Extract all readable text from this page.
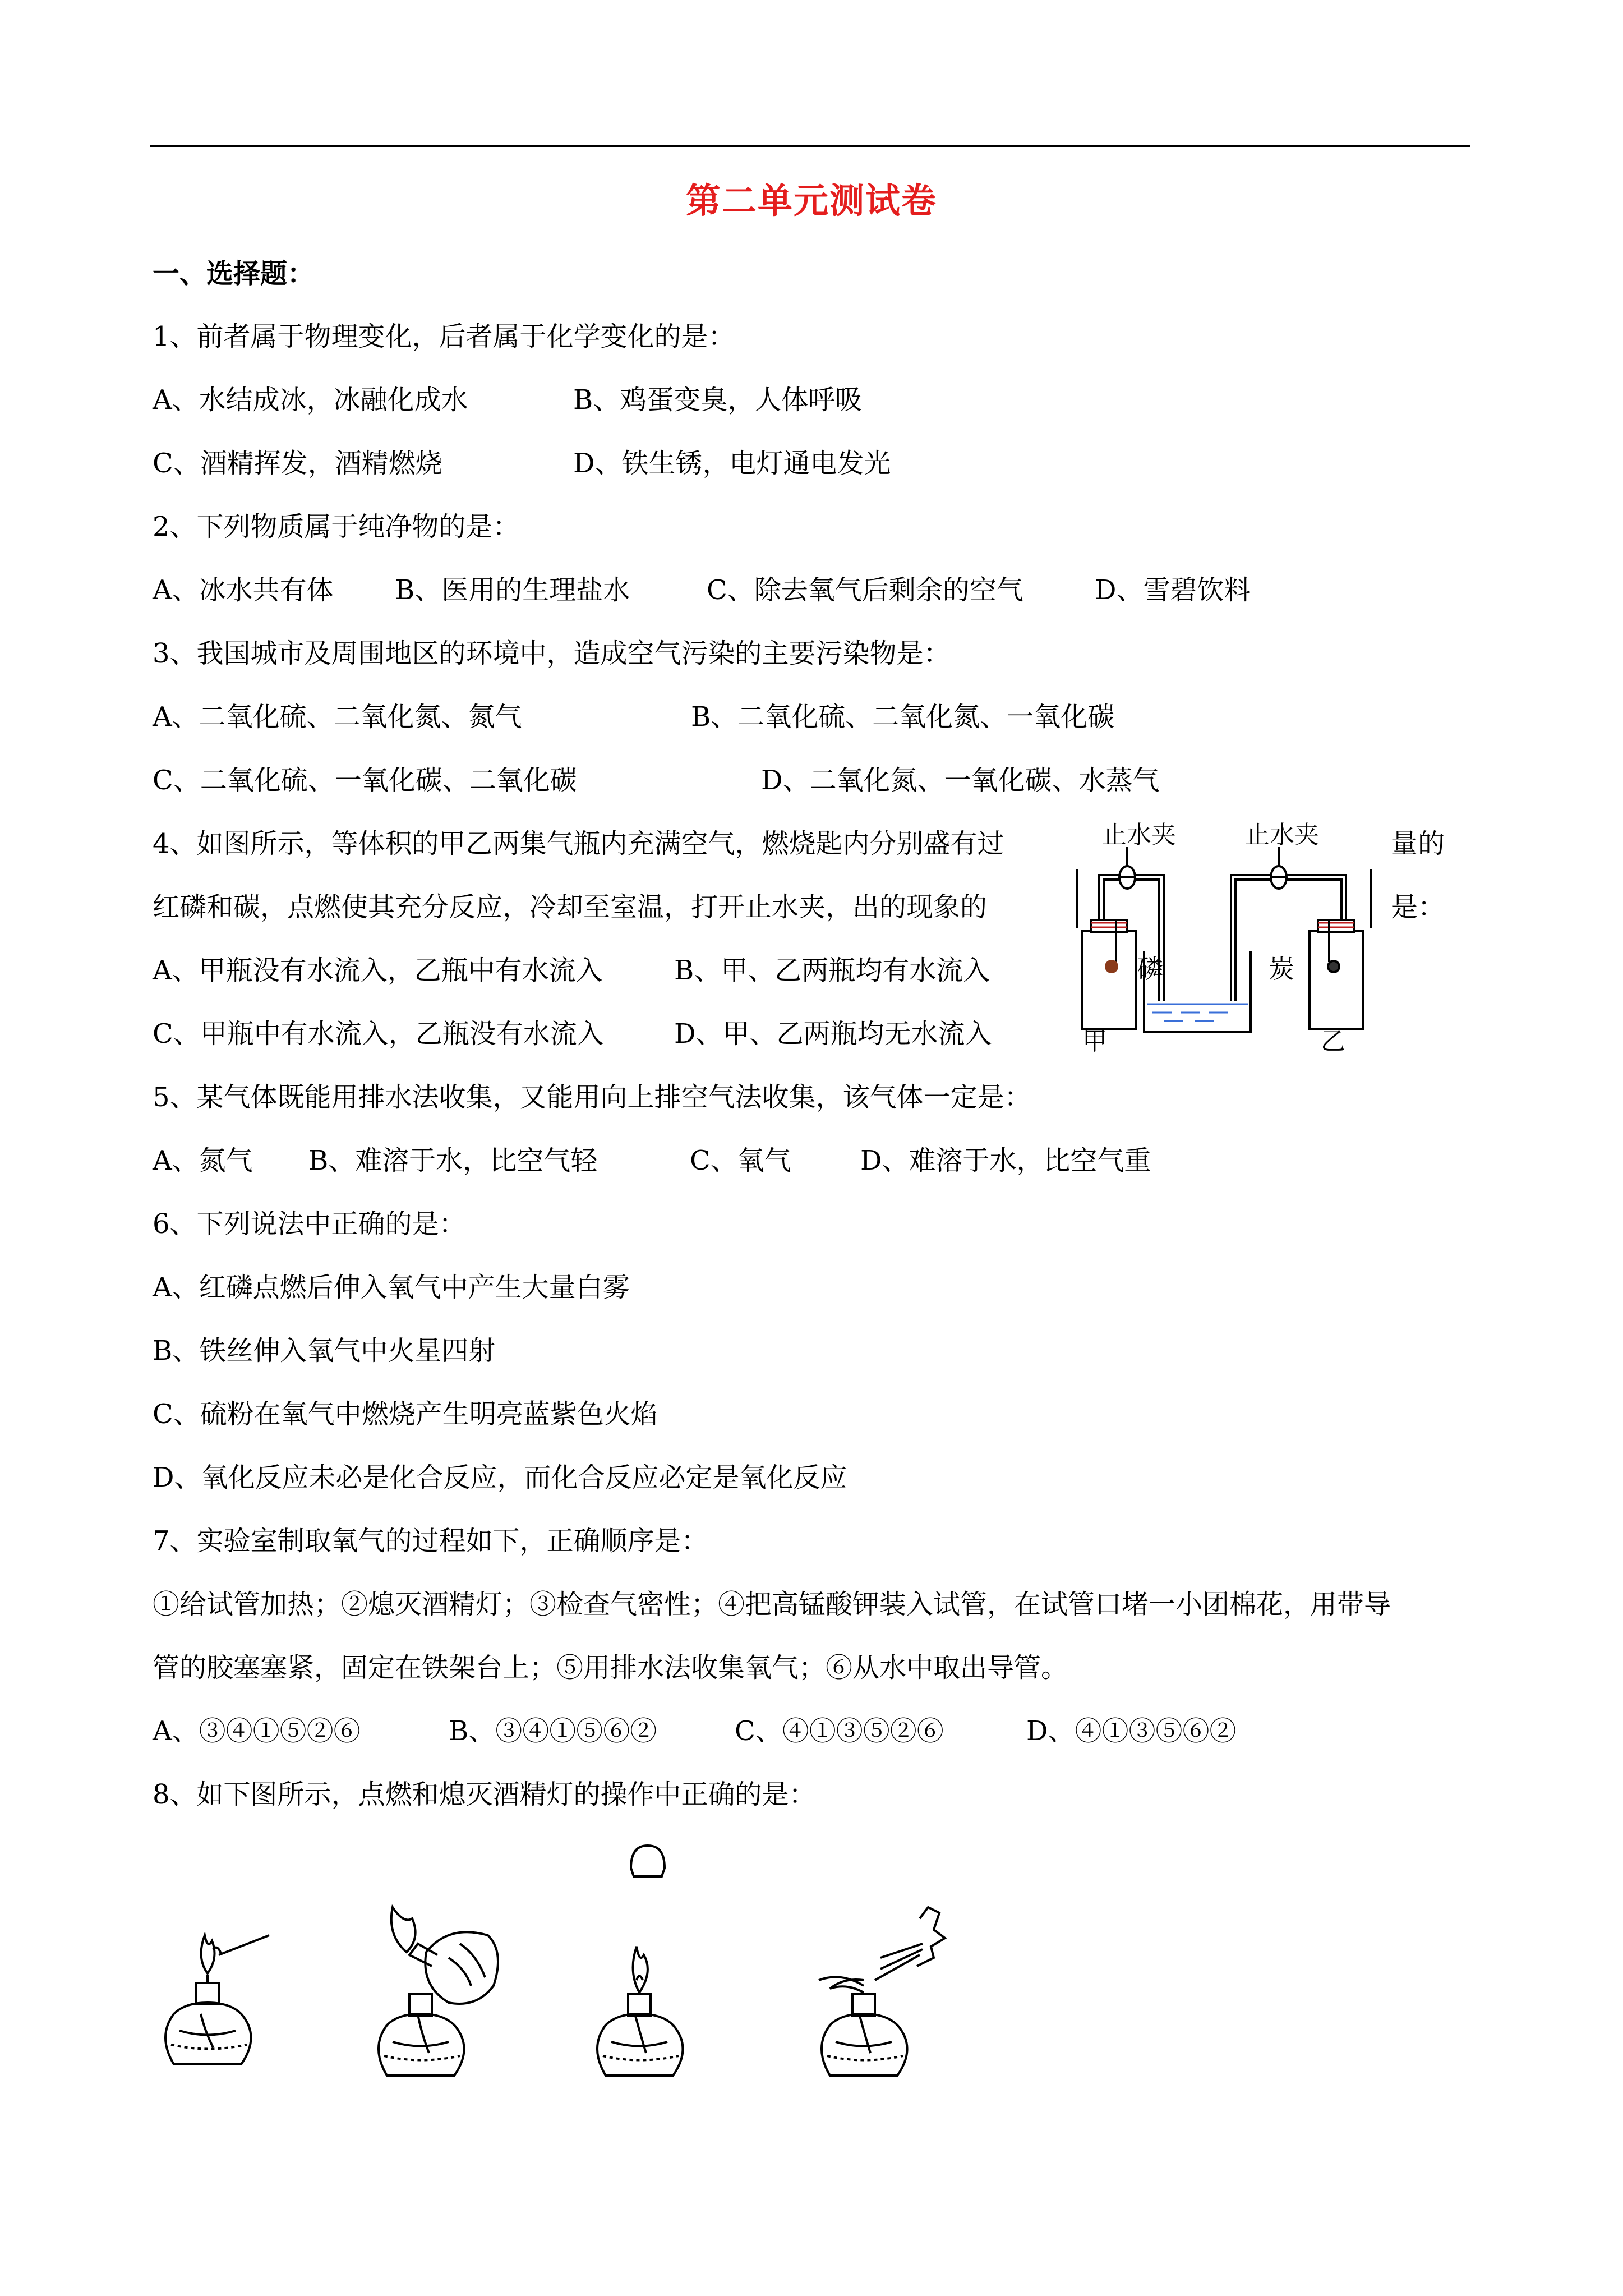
第二单元测试卷
一、选择题：
1、前者属于物理变化，后者属于化学变化的是：
A、水结成冰，冰融化成水	B、鸡蛋变臭，人体呼吸
C、酒精挥发，酒精燃烧	D、铁生锈，电灯通电发光
2、下列物质属于纯净物的是：
A、冰水共有体 B、医用的生理盐水	C、除去氧气后剩余的空气	D、雪碧饮料
3、我国城市及周围地区的环境中，造成空气污染的主要污染物是：
A、二氧化硫、二氧化氮、氮气	B、二氧化硫、二氧化氮、一氧化碳
C、二氧化硫、一氧化碳、二氧化碳	D、二氧化氮、一氧化碳、水蒸气
4、如图所示，等体积的甲乙两集气瓶内充满空气，燃烧匙内分别盛有过	量的
红磷和碳，点燃使其充分反应，冷却至室温，打开止水夹，出的现象的	是：
A、甲瓶没有水流入，乙瓶中有水流入	B、甲、乙两瓶均有水流入
C、甲瓶中有水流入，乙瓶没有水流入	D、甲、乙两瓶均无水流入
止水夹	止水夹
磷	炭
甲	乙
5、某气体既能用排水法收集，又能用向上排空气法收集，该气体一定是：
A、氮气 B、难溶于水，比空气轻	C、氧气	D、难溶于水，比空气重
6、下列说法中正确的是：
A、红磷点燃后伸入氧气中产生大量白雾
B、铁丝伸入氧气中火星四射
C、硫粉在氧气中燃烧产生明亮蓝紫色火焰
D、氧化反应未必是化合反应，而化合反应必定是氧化反应
7、实验室制取氧气的过程如下，正确顺序是：
①给试管加热；②熄灭酒精灯；③检查气密性；④把高锰酸钾装入试管，在试管口堵一小团棉花，用带导
管的胶塞塞紧，固定在铁架台上；⑤用排水法收集氧气；⑥从水中取出导管。
A、③④①⑤②⑥	B、③④①⑤⑥②	C、④①③⑤②⑥	D、④①③⑤⑥②
8、如下图所示，点燃和熄灭酒精灯的操作中正确的是：
